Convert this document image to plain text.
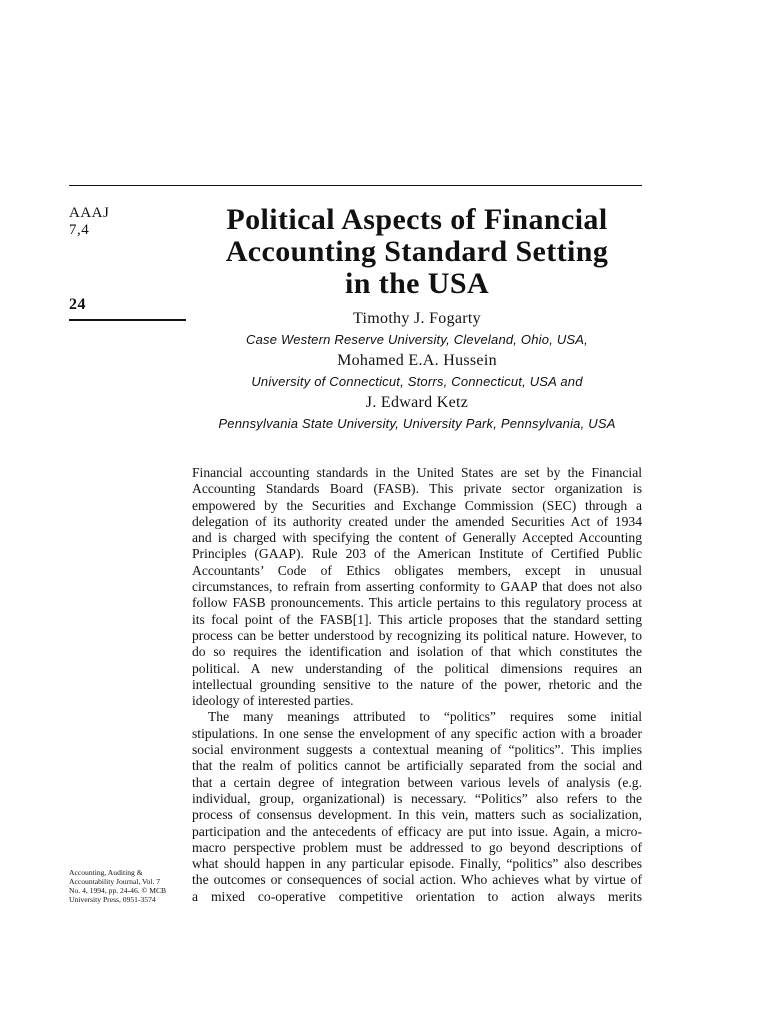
AAAJ
7,4
24
Political Aspects of Financial
Accounting Standard Setting
in the USA
Timothy J. Fogarty
Case Western Reserve University, Cleveland, Ohio, USA,
Mohamed E.A. Hussein
University of Connecticut, Storrs, Connecticut, USA and
J. Edward Ketz
Pennsylvania State University, University Park, Pennsylvania, USA

Financial accounting standards in the United States are set by the Financial
Accounting Standards Board (FASB). This private sector organization is
empowered by the Securities and Exchange Commission (SEC) through a
delegation of its authority created under the amended Securities Act of 1934
and is charged with specifying the content of Generally Accepted Accounting
Principles (GAAP). Rule 203 of the American Institute of Certified Public
Accountants’ Code of Ethics obligates members, except in unusual
circumstances, to refrain from asserting conformity to GAAP that does not also
follow FASB pronouncements. This article pertains to this regulatory process at
its focal point of the FASB[1]. This article proposes that the standard setting
process can be better understood by recognizing its political nature. However, to
do so requires the identification and isolation of that which constitutes the
political. A new understanding of the political dimensions requires an
intellectual grounding sensitive to the nature of the power, rhetoric and the
ideology of interested parties.

The many meanings attributed to “politics” requires some initial
stipulations. In one sense the envelopment of any specific action with a broader
social environment suggests a contextual meaning of “politics”. This implies
that the realm of politics cannot be artificially separated from the social and
that a certain degree of integration between various levels of analysis (e.g.
individual, group, organizational) is necessary. “Politics” also refers to the
process of consensus development. In this vein, matters such as socialization,
participation and the antecedents of efficacy are put into issue. Again, a micro-
macro perspective problem must be addressed to go beyond descriptions of
what should happen in any particular episode. Finally, “politics” also describes
the outcomes or consequences of social action. Who achieves what by virtue of
a mixed co-operative competitive orientation to action always merits

Accounting, Auditing &
Accountability Journal, Vol. 7
No. 4, 1994, pp. 24-46. © MCB
University Press, 0951-3574
